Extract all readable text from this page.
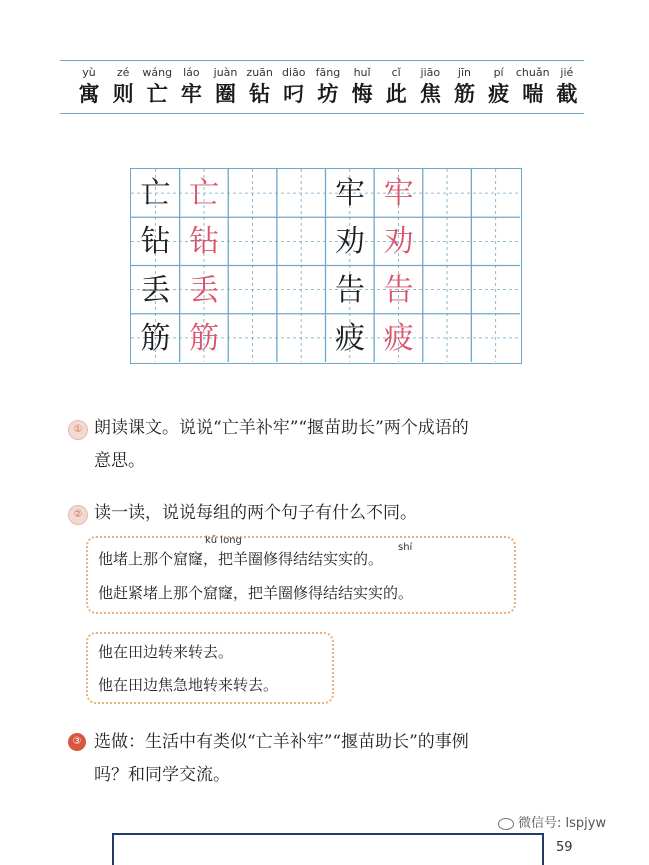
yù
寓
zé
则
wáng
亡
láo
牢
juàn
圈
zuān
钻
diāo
叼
fāng
坊
huǐ
悔
cǐ
此
jiāo
焦
jīn
筋
pí
疲
chuǎn
喘
jié
截
亡 亡	牢 牢
钻 钻	劝 劝
丢 丢	告 告
筋 筋	疲 疲
① 朗读课文。说说“亡羊补牢”“揠苗助长”两个成语的
意思。
② 读一读，说说每组的两个句子有什么不同。
kū long
他堵上那个窟窿，把羊圈修得结结实实的。
他赶紧堵上那个窟窿，把羊圈修得结结实实的。
shí
他在田边转来转去。
他在田边焦急地转来转去。
③ 选做：生活中有类似“亡羊补牢”“揠苗助长”的事例
吗？和同学交流。
微信号: lspjyw
59
